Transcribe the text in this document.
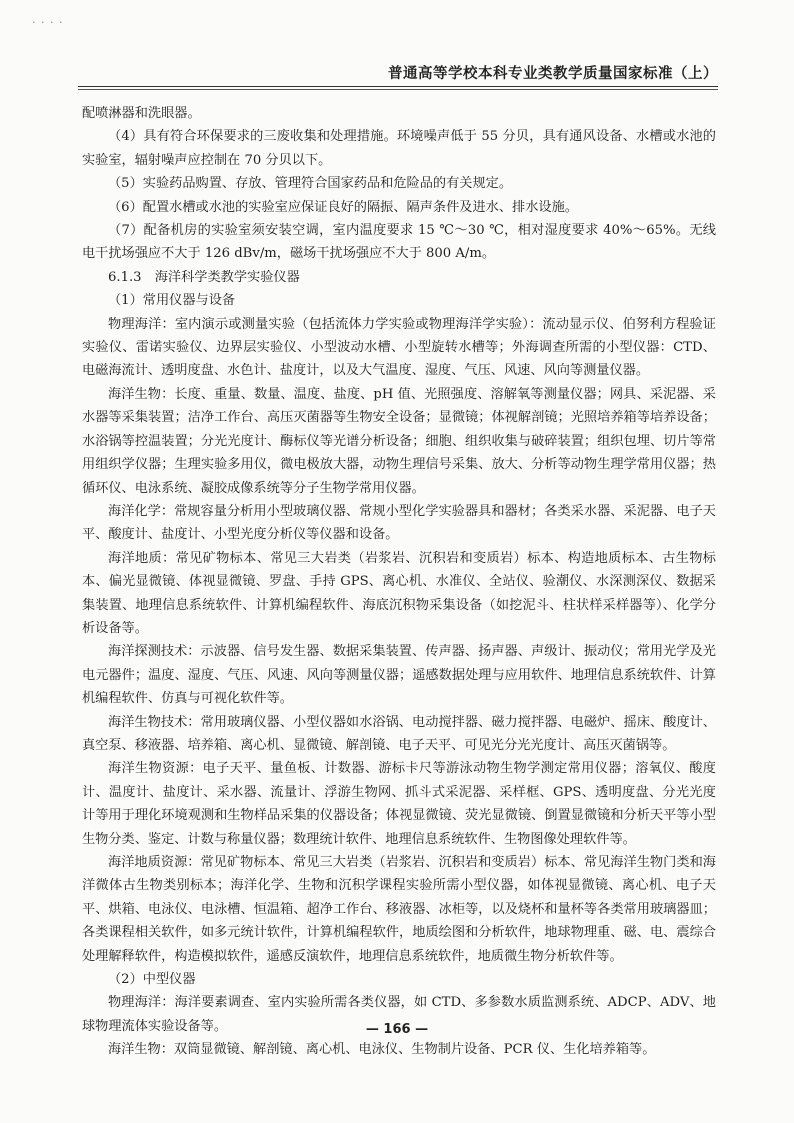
· · · ·
普通高等学校本科专业类教学质量国家标准（上）

配喷淋器和洗眼器。

（4）具有符合环保要求的三废收集和处理措施。环境噪声低于 55 分贝，具有通风设备、水槽或水池的实验室，辐射噪声应控制在 70 分贝以下。

（5）实验药品购置、存放、管理符合国家药品和危险品的有关规定。

（6）配置水槽或水池的实验室应保证良好的隔振、隔声条件及进水、排水设施。

（7）配备机房的实验室须安装空调，室内温度要求 15 ℃～30 ℃，相对湿度要求 40%～65%。无线电干扰场强应不大于 126 dBv/m，磁场干扰场强应不大于 800 A/m。

6.1.3　海洋科学类教学实验仪器

（1）常用仪器与设备

物理海洋：室内演示或测量实验（包括流体力学实验或物理海洋学实验）：流动显示仪、伯努利方程验证实验仪、雷诺实验仪、边界层实验仪、小型波动水槽、小型旋转水槽等；外海调查所需的小型仪器：CTD、电磁海流计、透明度盘、水色计、盐度计，以及大气温度、湿度、气压、风速、风向等测量仪器。

海洋生物：长度、重量、数量、温度、盐度、pH 值、光照强度、溶解氧等测量仪器；网具、采泥器、采水器等采集装置；洁净工作台、高压灭菌器等生物安全设备；显微镜；体视解剖镜；光照培养箱等培养设备；水浴锅等控温装置；分光光度计、酶标仪等光谱分析设备；细胞、组织收集与破碎装置；组织包埋、切片等常用组织学仪器；生理实验多用仪，微电极放大器，动物生理信号采集、放大、分析等动物生理学常用仪器；热循环仪、电泳系统、凝胶成像系统等分子生物学常用仪器。

海洋化学：常规容量分析用小型玻璃仪器、常规小型化学实验器具和器材；各类采水器、采泥器、电子天平、酸度计、盐度计、小型光度分析仪等仪器和设备。

海洋地质：常见矿物标本、常见三大岩类（岩浆岩、沉积岩和变质岩）标本、构造地质标本、古生物标本、偏光显微镜、体视显微镜、罗盘、手持 GPS、离心机、水准仪、全站仪、验潮仪、水深测深仪、数据采集装置、地理信息系统软件、计算机编程软件、海底沉积物采集设备（如挖泥斗、柱状样采样器等）、化学分析设备等。

海洋探测技术：示波器、信号发生器、数据采集装置、传声器、扬声器、声级计、振动仪；常用光学及光电元器件；温度、湿度、气压、风速、风向等测量仪器；遥感数据处理与应用软件、地理信息系统软件、计算机编程软件、仿真与可视化软件等。

海洋生物技术：常用玻璃仪器、小型仪器如水浴锅、电动搅拌器、磁力搅拌器、电磁炉、摇床、酸度计、真空泵、移液器、培养箱、离心机、显微镜、解剖镜、电子天平、可见光分光光度计、高压灭菌锅等。

海洋生物资源：电子天平、量鱼板、计数器、游标卡尺等游泳动物生物学测定常用仪器；溶氧仪、酸度计、温度计、盐度计、采水器、流量计、浮游生物网、抓斗式采泥器、采样框、GPS、透明度盘、分光光度计等用于理化环境观测和生物样品采集的仪器设备；体视显微镜、荧光显微镜、倒置显微镜和分析天平等小型生物分类、鉴定、计数与称量仪器；数理统计软件、地理信息系统软件、生物图像处理软件等。

海洋地质资源：常见矿物标本、常见三大岩类（岩浆岩、沉积岩和变质岩）标本、常见海洋生物门类和海洋微体古生物类别标本；海洋化学、生物和沉积学课程实验所需小型仪器，如体视显微镜、离心机、电子天平、烘箱、电泳仪、电泳槽、恒温箱、超净工作台、移液器、冰柜等，以及烧杯和量杯等各类常用玻璃器皿；各类课程相关软件，如多元统计软件，计算机编程软件，地质绘图和分析软件，地球物理重、磁、电、震综合处理解释软件，构造模拟软件，遥感反演软件，地理信息系统软件，地质微生物分析软件等。

（2）中型仪器

物理海洋：海洋要素调查、室内实验所需各类仪器，如 CTD、多参数水质监测系统、ADCP、ADV、地球物理流体实验设备等。

海洋生物：双筒显微镜、解剖镜、离心机、电泳仪、生物制片设备、PCR 仪、生化培养箱等。

— 166 —
